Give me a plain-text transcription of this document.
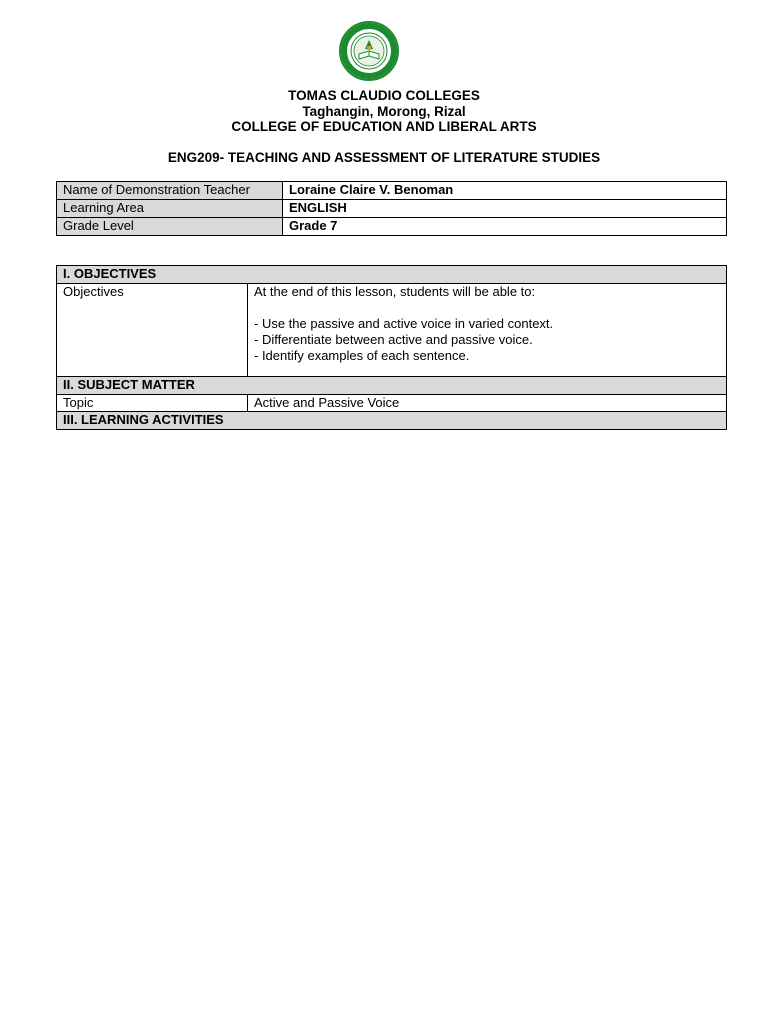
TOMAS CLAUDIO COLLEGES
Taghangin, Morong, Rizal
COLLEGE OF EDUCATION AND LIBERAL ARTS
ENG209- TEACHING AND ASSESSMENT OF LITERATURE STUDIES
Name of Demonstration Teacher	Loraine Claire V. Benoman
Learning Area	ENGLISH
Grade Level	Grade 7
I. OBJECTIVES	
Objectives	At the end of this lesson, students will be able to:

- Use the passive and active voice in varied context.

- Differentiate between active and passive voice.

- Identify examples of each sentence.

II. SUBJECT MATTER	
Topic	Active and Passive Voice
III. LEARNING ACTIVITIES	
